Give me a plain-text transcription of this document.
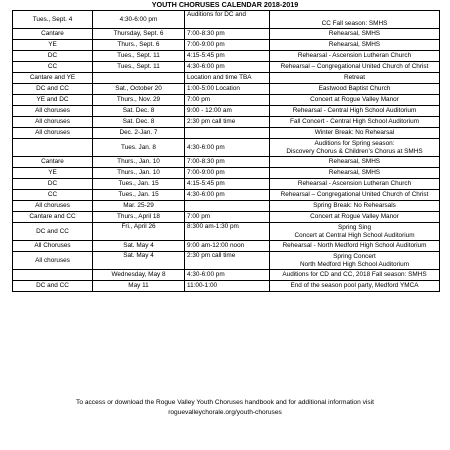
YOUTH CHORUSES CALENDAR 2018-2019
Tues., Sept. 4	4:30-6:00 pm	Auditions for DC and	CC Fall season: SMHS

Cantare	Thursday, Sept. 6	7:00-8:30 pm	Rehearsal, SMHS

YE	Thurs., Sept. 6	7:00-9:00 pm	Rehearsal, SMHS

DC	Tues., Sept. 11	4:15-5:45 pm	Rehearsal - Ascension Lutheran Church

CC	Tues., Sept. 11	4:30-6:00 pm	Rehearsal – Congregational United Church of Christ

Cantare and YE		Location and time TBA	Retreat

DC and CC	Sat., October 20	1:00-5:00 Location	Eastwood Baptist Church

YE and DC	Thurs., Nov. 29	7:00 pm	Concert at Rogue Valley Manor

All choruses	Sat. Dec. 8	9:00 - 12:00 am	Rehearsal - Central High School Auditorium

All choruses	Sat. Dec. 8	2:30 pm call time	Fall Concert - Central High School Auditorium

All choruses	Dec. 2-Jan. 7		Winter Break: No Rehearsal

	Tues. Jan. 8	4:30-6:00 pm	Auditions for Spring season:
Discovery Chorus & Children’s Chorus at SMHS

Cantare	Thurs., Jan. 10	7:00-8:30 pm	Rehearsal, SMHS

YE	Thurs., Jan. 10	7:00-9:00 pm	Rehearsal, SMHS

DC	Tues., Jan. 15	4:15-5:45 pm	Rehearsal - Ascension Lutheran Church

CC	Tues., Jan. 15	4:30-6:00 pm	Rehearsal – Congregational United Church of Christ

All choruses	Mar. 25-29		Spring Break: No Rehearsals

Cantare and CC	Thurs., April 18	7:00 pm	Concert at Rogue Valley Manor

DC and CC	Fri., April 26	8:300 am-1:30 pm	Spring Sing
Concert at Central High School Auditorium

All Choruses	Sat. May 4	9:00 am-12:00 noon	Rehearsal - North Medford High School Auditorium

All choruses	Sat. May 4	2:30 pm call time	Spring Concert
North Medford High School Auditorium

	Wednesday, May 8	4:30-6:00 pm	Auditions for CD and CC, 2018 Fall season: SMHS

DC and CC	May 11	11:00-1:00	End of the season pool party, Medford YMCA
To access or download the Rogue Valley Youth Choruses handbook and for additional information visit
roguevalleychorale.org/youth-choruses
